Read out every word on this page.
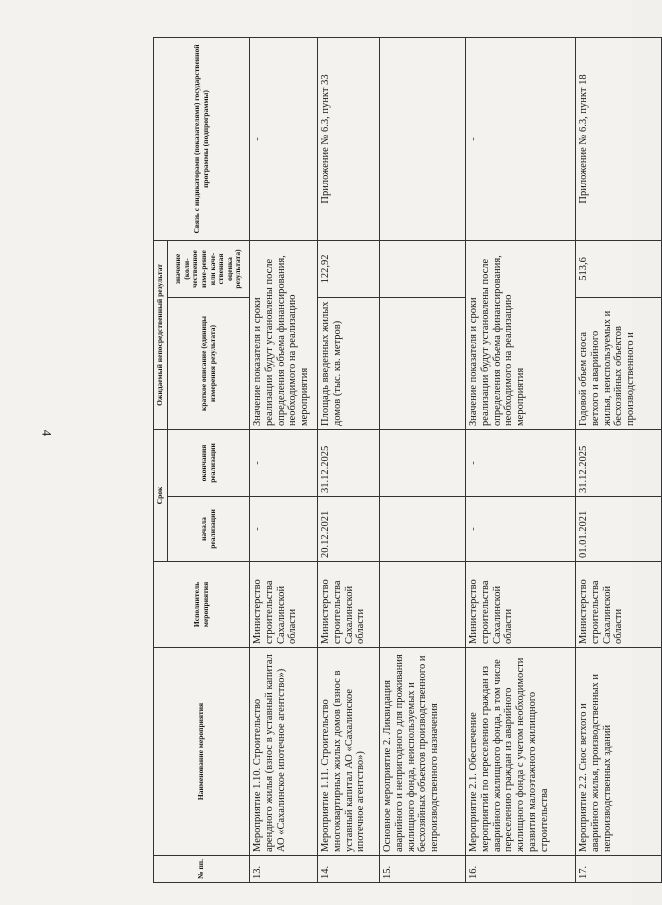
4
№ пп.	Наименование мероприятия	Исполнитель мероприятия	Срок		Ожидаемый непосредственный результат		Связь с индикаторами (показателями) государственной программы (подпрограммы)
			начала реализации	окончания реализации	краткое описание (единицы измерения результата)	значение (коли-чественное изме-рение или каче-ственная оценка результата)	
13.	Мероприятие 1.10. Строительство арендного жилья (взнос в уставный капитал АО «Сахалинское ипотечное агентство»)	Министерство строительства Сахалинской области	-	-	Значение показателя и сроки реализации будут установлены после определения объема финансирования, необходимого на реализацию мероприятия		-
14.	Мероприятие 1.11. Строительство многоквартирных жилых домов (взнос в уставный капитал АО «Сахалинское ипотечное агентство»)	Министерство строительства Сахалинской области	20.12.2021	31.12.2025	Площадь введенных жилых домов (тыс. кв. метров)	122,92	Приложение № 6.3, пункт 33
15.	Основное мероприятие 2. Ликвидация аварийного и непригодного для проживания жилищного фонда, неиспользуемых и бесхозяйных объектов производственного и непроизводственного назначения						
16.	Мероприятие 2.1. Обеспечение мероприятий по переселению граждан из аварийного жилищного фонда, в том числе переселению граждан из аварийного жилищного фонда с учетом необходимости развития малоэтажного жилищного строительства	Министерство строительства Сахалинской области	-	-	Значение показателя и сроки реализации будут установлены после определения объема финансирования, необходимого на реализацию мероприятия		-
17.	Мероприятие 2.2. Снос ветхого и аварийного жилья, производственных и непроизводственных зданий	Министерство строительства Сахалинской области	01.01.2021	31.12.2025	Годовой объем сноса ветхого и аварийного жилья, неиспользуемых и бесхозяйных объектов производственного и	513,6	Приложение № 6.3, пункт 18
